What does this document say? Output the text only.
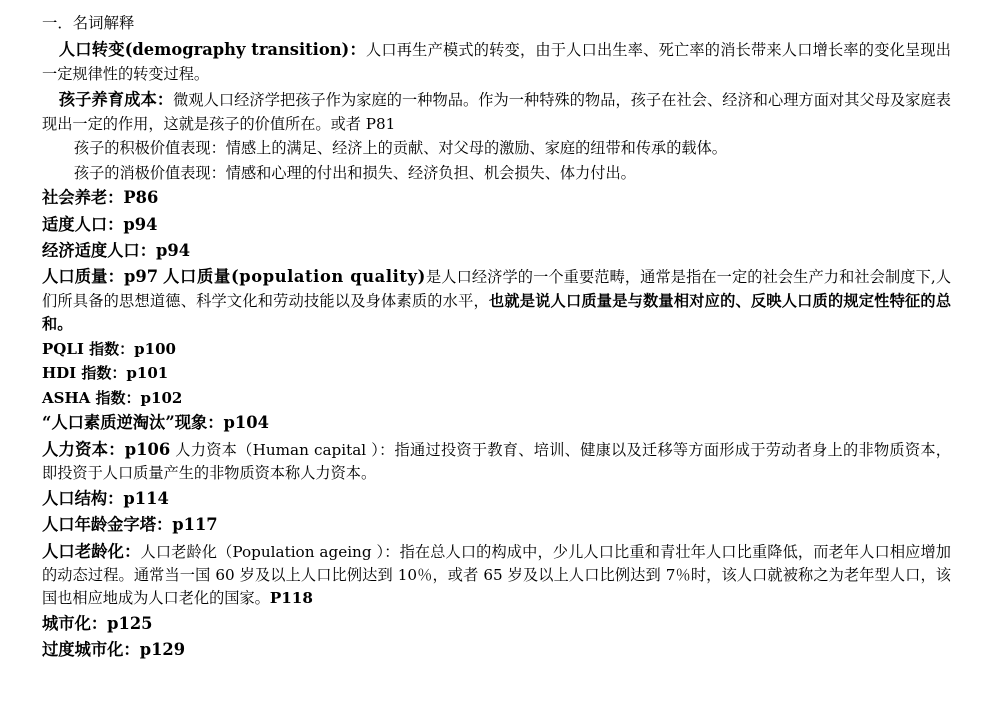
一．名词解释

人口转变(demography transition)：人口再生产模式的转变，由于人口出生率、死亡率的消长带来人口增长率的变化呈现出一定规律性的转变过程。

孩子养育成本：微观人口经济学把孩子作为家庭的一种物品。作为一种特殊的物品，孩子在社会、经济和心理方面对其父母及家庭表现出一定的作用，这就是孩子的价值所在。或者 P81

孩子的积极价值表现：情感上的满足、经济上的贡献、对父母的激励、家庭的纽带和传承的载体。

孩子的消极价值表现：情感和心理的付出和损失、经济负担、机会损失、体力付出。

社会养老：P86

适度人口：p94

经济适度人口：p94

人口质量：p97 人口质量(population quality)是人口经济学的一个重要范畴，通常是指在一定的社会生产力和社会制度下,人们所具备的思想道德、科学文化和劳动技能以及身体素质的水平，也就是说人口质量是与数量相对应的、反映人口质的规定性特征的总和。

PQLI 指数：p100

HDI 指数：p101

ASHA 指数：p102

“人口素质逆淘汰”现象：p104

人力资本：p106 人力资本（Human capital ）：指通过投资于教育、培训、健康以及迁移等方面形成于劳动者身上的非物质资本，即投资于人口质量产生的非物质资本称人力资本。

人口结构：p114

人口年龄金字塔：p117

人口老龄化：人口老龄化（Population ageing ）：指在总人口的构成中，少儿人口比重和青壮年人口比重降低，而老年人口相应增加的动态过程。通常当一国 60 岁及以上人口比例达到 10％，或者 65 岁及以上人口比例达到 7％时，该人口就被称之为老年型人口，该国也相应地成为人口老化的国家。P118

城市化：p125

过度城市化：p129
